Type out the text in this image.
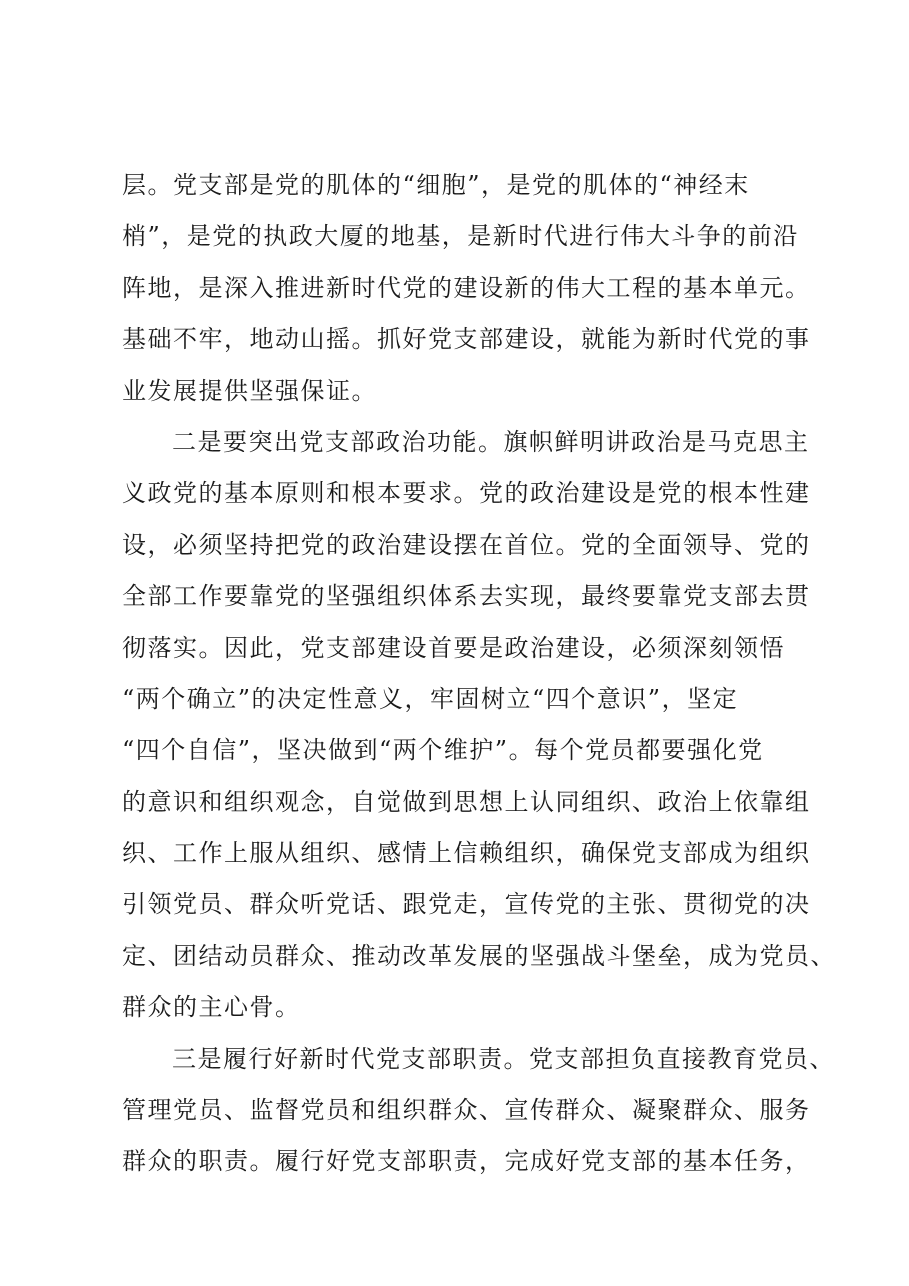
层。党支部是党的肌体的“细胞”，是党的肌体的“神经末
梢”，是党的执政大厦的地基，是新时代进行伟大斗争的前沿
阵地，是深入推进新时代党的建设新的伟大工程的基本单元。
基础不牢，地动山摇。抓好党支部建设，就能为新时代党的事
业发展提供坚强保证。
二是要突出党支部政治功能。旗帜鲜明讲政治是马克思主
义政党的基本原则和根本要求。党的政治建设是党的根本性建
设，必须坚持把党的政治建设摆在首位。党的全面领导、党的
全部工作要靠党的坚强组织体系去实现，最终要靠党支部去贯
彻落实。因此，党支部建设首要是政治建设，必须深刻领悟
“两个确立”的决定性意义，牢固树立“四个意识”，坚定
“四个自信”，坚决做到“两个维护”。每个党员都要强化党
的意识和组织观念，自觉做到思想上认同组织、政治上依靠组
织、工作上服从组织、感情上信赖组织，确保党支部成为组织
引领党员、群众听党话、跟党走，宣传党的主张、贯彻党的决
定、团结动员群众、推动改革发展的坚强战斗堡垒，成为党员、
群众的主心骨。
三是履行好新时代党支部职责。党支部担负直接教育党员、
管理党员、监督党员和组织群众、宣传群众、凝聚群众、服务
群众的职责。履行好党支部职责，完成好党支部的基本任务，
